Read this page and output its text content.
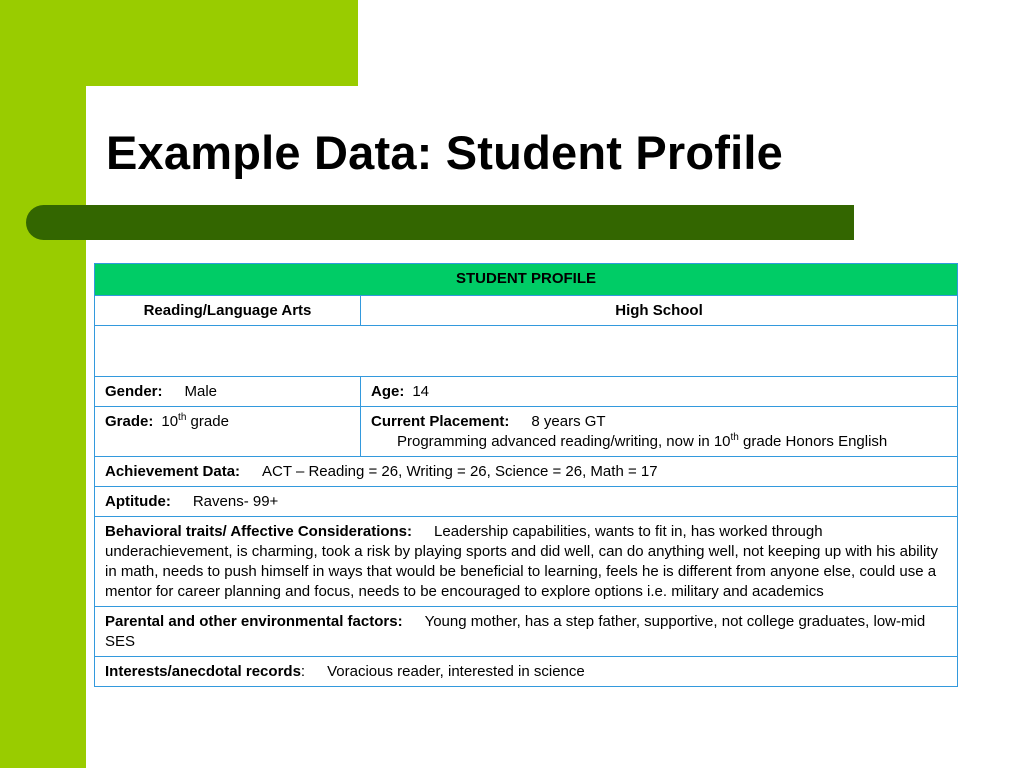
Example Data: Student Profile
STUDENT PROFILE	
Reading/Language Arts	High School

Gender: Male	Age: 14
Grade: 10th grade	Current Placement: 8 years GT
Programming advanced reading/writing, now in 10th grade Honors English
Achievement Data: ACT – Reading = 26, Writing = 26, Science = 26, Math = 17	
Aptitude: Ravens- 99+	
Behavioral traits/ Affective Considerations: Leadership capabilities, wants to fit in, has worked through underachievement, is charming, took a risk by playing sports and did well, can do anything well, not keeping up with his ability in math, needs to push himself in ways that would be beneficial to learning, feels he is different from anyone else, could use a mentor for career planning and focus, needs to be encouraged to explore options i.e. military and academics	
Parental and other environmental factors: Young mother, has a step father, supportive, not college graduates, low-mid SES	
Interests/anecdotal records: Voracious reader, interested in science	
